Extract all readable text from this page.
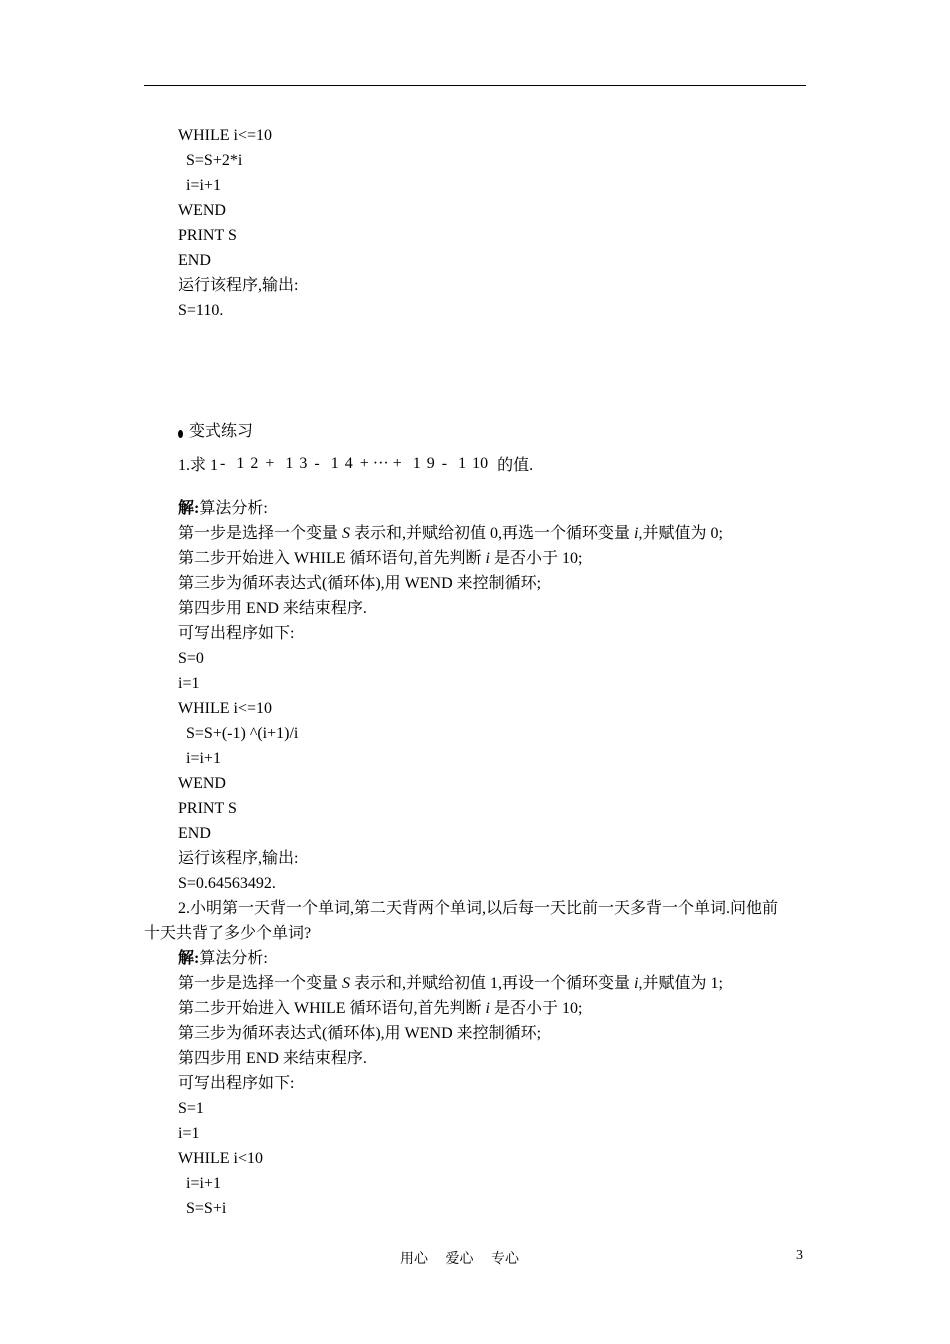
WHILE i<=10
S=S+2*i
i=i+1
WEND
PRINT S
END
运行该程序,输出:
S=110.
变式练习
1.求 1 - 1 2 + 1 3 - 1 4 + ··· + 1 9 - 1 10 的值.
解:算法分析:
第一步是选择一个变量 S 表示和,并赋给初值 0,再选一个循环变量 i,并赋值为 0;
第二步开始进入 WHILE 循环语句,首先判断 i 是否小于 10;
第三步为循环表达式(循环体),用 WEND 来控制循环;
第四步用 END 来结束程序.
可写出程序如下:
S=0
i=1
WHILE i<=10
S=S+(-1) ^(i+1)/i
i=i+1
WEND
PRINT S
END
运行该程序,输出:
S=0.64563492.
2.小明第一天背一个单词,第二天背两个单词,以后每一天比前一天多背一个单词.问他前
十天共背了多少个单词?
解:算法分析:
第一步是选择一个变量 S 表示和,并赋给初值 1,再设一个循环变量 i,并赋值为 1;
第二步开始进入 WHILE 循环语句,首先判断 i 是否小于 10;
第三步为循环表达式(循环体),用 WEND 来控制循环;
第四步用 END 来结束程序.
可写出程序如下:
S=1
i=1
WHILE i<10
i=i+1
S=S+i
用心 爱心 专心	3
